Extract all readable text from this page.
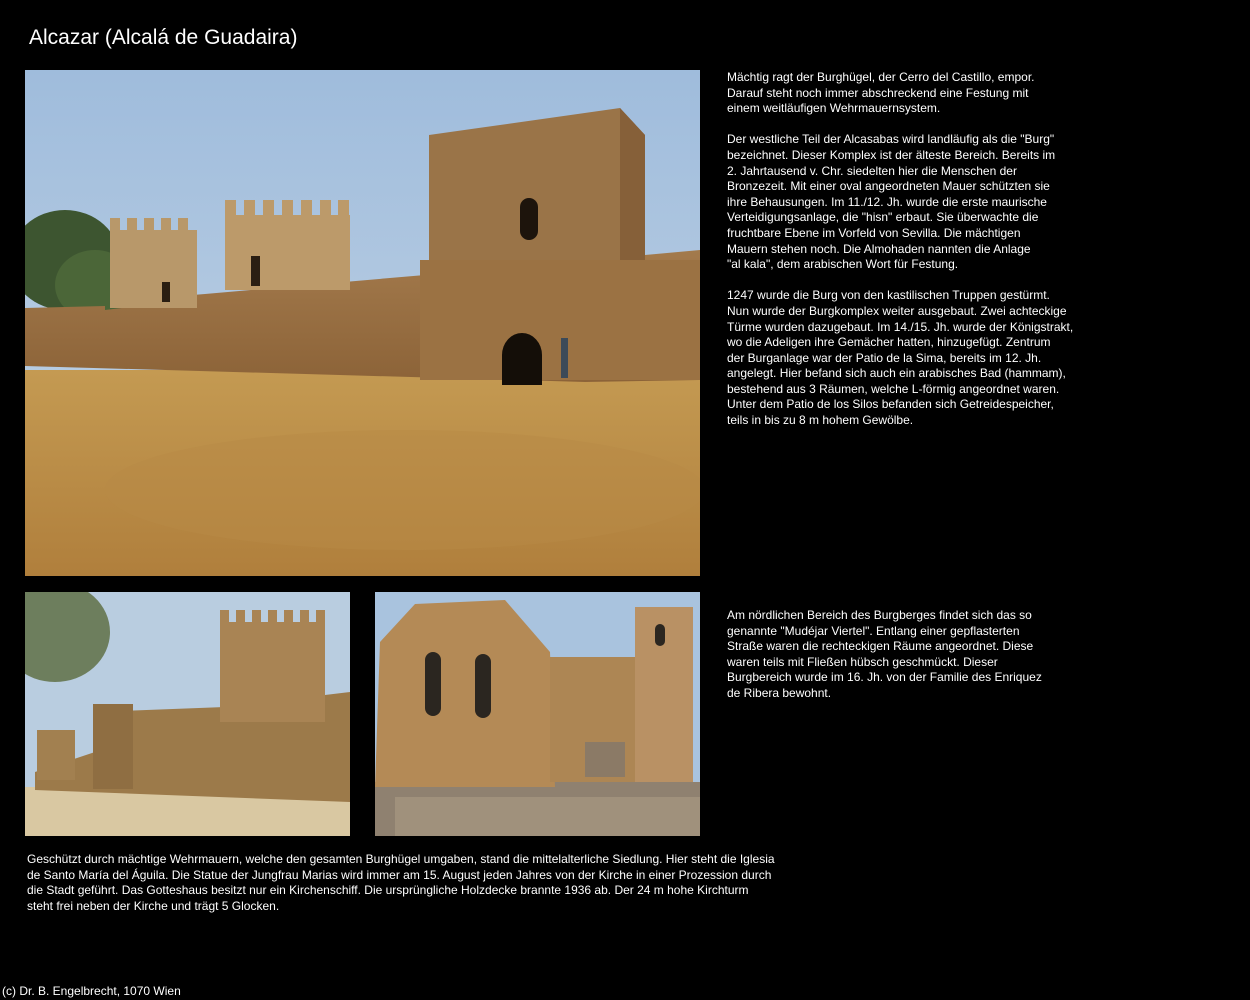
Alcazar (Alcalá de Guadaira)

Mächtig ragt der Burghügel, der Cerro del Castillo, empor.
Darauf steht noch immer abschreckend eine Festung mit
einem weitläufigen Wehrmauernsystem.

Der westliche Teil der Alcasabas wird landläufig als die "Burg"
bezeichnet. Dieser Komplex ist der älteste Bereich. Bereits im
2. Jahrtausend v. Chr. siedelten hier die Menschen der
Bronzezeit. Mit einer oval angeordneten Mauer schützten sie
ihre Behausungen. Im 11./12. Jh. wurde die erste maurische
Verteidigungsanlage, die "hisn" erbaut. Sie überwachte die
fruchtbare Ebene im Vorfeld von Sevilla. Die mächtigen
Mauern stehen noch. Die Almohaden nannten die Anlage
"al kala", dem arabischen Wort für Festung.

1247 wurde die Burg von den kastilischen Truppen gestürmt.
Nun wurde der Burgkomplex weiter ausgebaut. Zwei achteckige
Türme wurden dazugebaut. Im 14./15. Jh. wurde der Königstrakt,
wo die Adeligen ihre Gemächer hatten, hinzugefügt. Zentrum
der Burganlage war der Patio de la Sima, bereits im 12. Jh.
angelegt. Hier befand sich auch ein arabisches Bad (hammam),
bestehend aus 3 Räumen, welche L-förmig angeordnet waren.
Unter dem Patio de los Silos befanden sich Getreidespeicher,
teils in bis zu 8 m hohem Gewölbe.

Am nördlichen Bereich des Burgberges findet sich das so
genannte "Mudéjar Viertel". Entlang einer gepflasterten
Straße waren die rechteckigen Räume angeordnet. Diese
waren teils mit Fließen hübsch geschmückt. Dieser
Burgbereich wurde im 16. Jh. von der Familie des Enriquez
de Ribera bewohnt.

Geschützt durch mächtige Wehrmauern, welche den gesamten Burghügel umgaben, stand die mittelalterliche Siedlung. Hier steht die Iglesia
de Santo María del Águila. Die Statue der Jungfrau Marias wird immer am 15. August jeden Jahres von der Kirche in einer Prozession durch
die Stadt geführt. Das Gotteshaus besitzt nur ein Kirchenschiff. Die ursprüngliche Holzdecke brannte 1936 ab. Der 24 m hohe Kirchturm
steht frei neben der Kirche und trägt 5 Glocken.

(c) Dr. B. Engelbrecht, 1070 Wien
